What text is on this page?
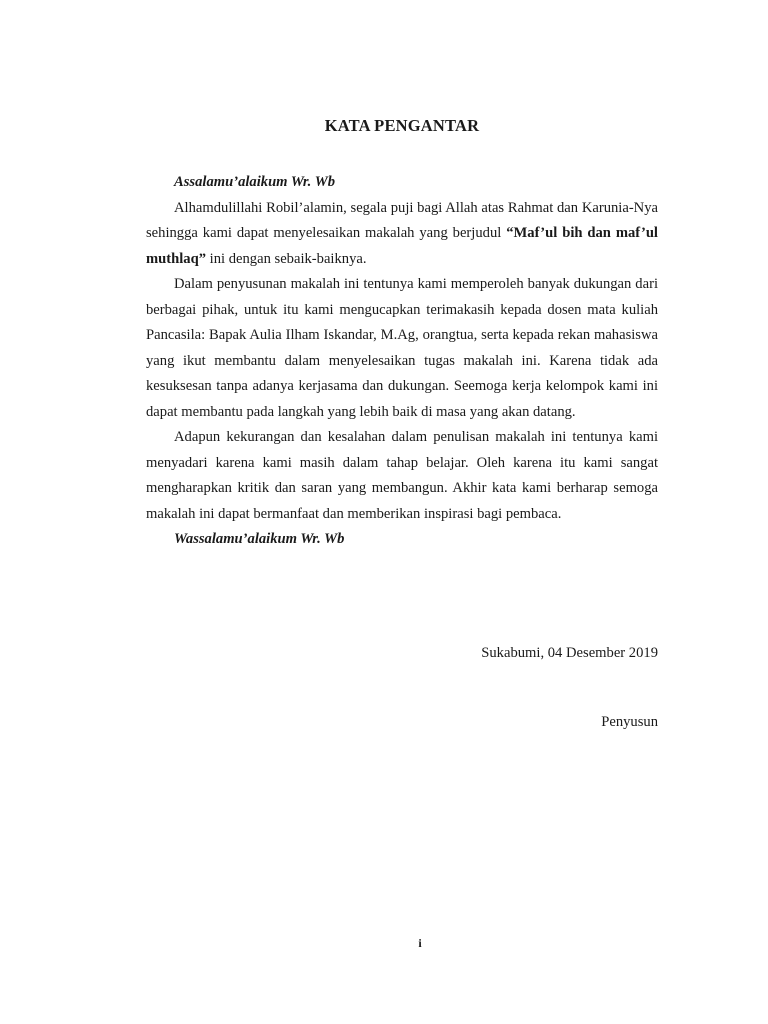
KATA PENGANTAR
Assalamu’alaikum Wr. Wb

Alhamdulillahi Robil’alamin, segala puji bagi Allah atas Rahmat dan Karunia-Nya sehingga kami dapat menyelesaikan makalah yang berjudul “Maf’ul bih dan maf’ul muthlaq” ini dengan sebaik-baiknya.

Dalam penyusunan makalah ini tentunya kami memperoleh banyak dukungan dari berbagai pihak, untuk itu kami mengucapkan terimakasih kepada dosen mata kuliah Pancasila: Bapak Aulia Ilham Iskandar, M.Ag, orangtua, serta kepada rekan mahasiswa yang ikut membantu dalam menyelesaikan tugas makalah ini. Karena tidak ada kesuksesan tanpa adanya kerjasama dan dukungan. Seemoga kerja kelompok kami ini dapat membantu pada langkah yang lebih baik di masa yang akan datang.

Adapun kekurangan dan kesalahan dalam penulisan makalah ini tentunya kami menyadari karena kami masih dalam tahap belajar. Oleh karena itu kami sangat mengharapkan kritik dan saran yang membangun. Akhir kata kami berharap semoga makalah ini dapat bermanfaat dan memberikan inspirasi bagi pembaca.

Wassalamu’alaikum Wr. Wb
Sukabumi, 04 Desember 2019
Penyusun
i
